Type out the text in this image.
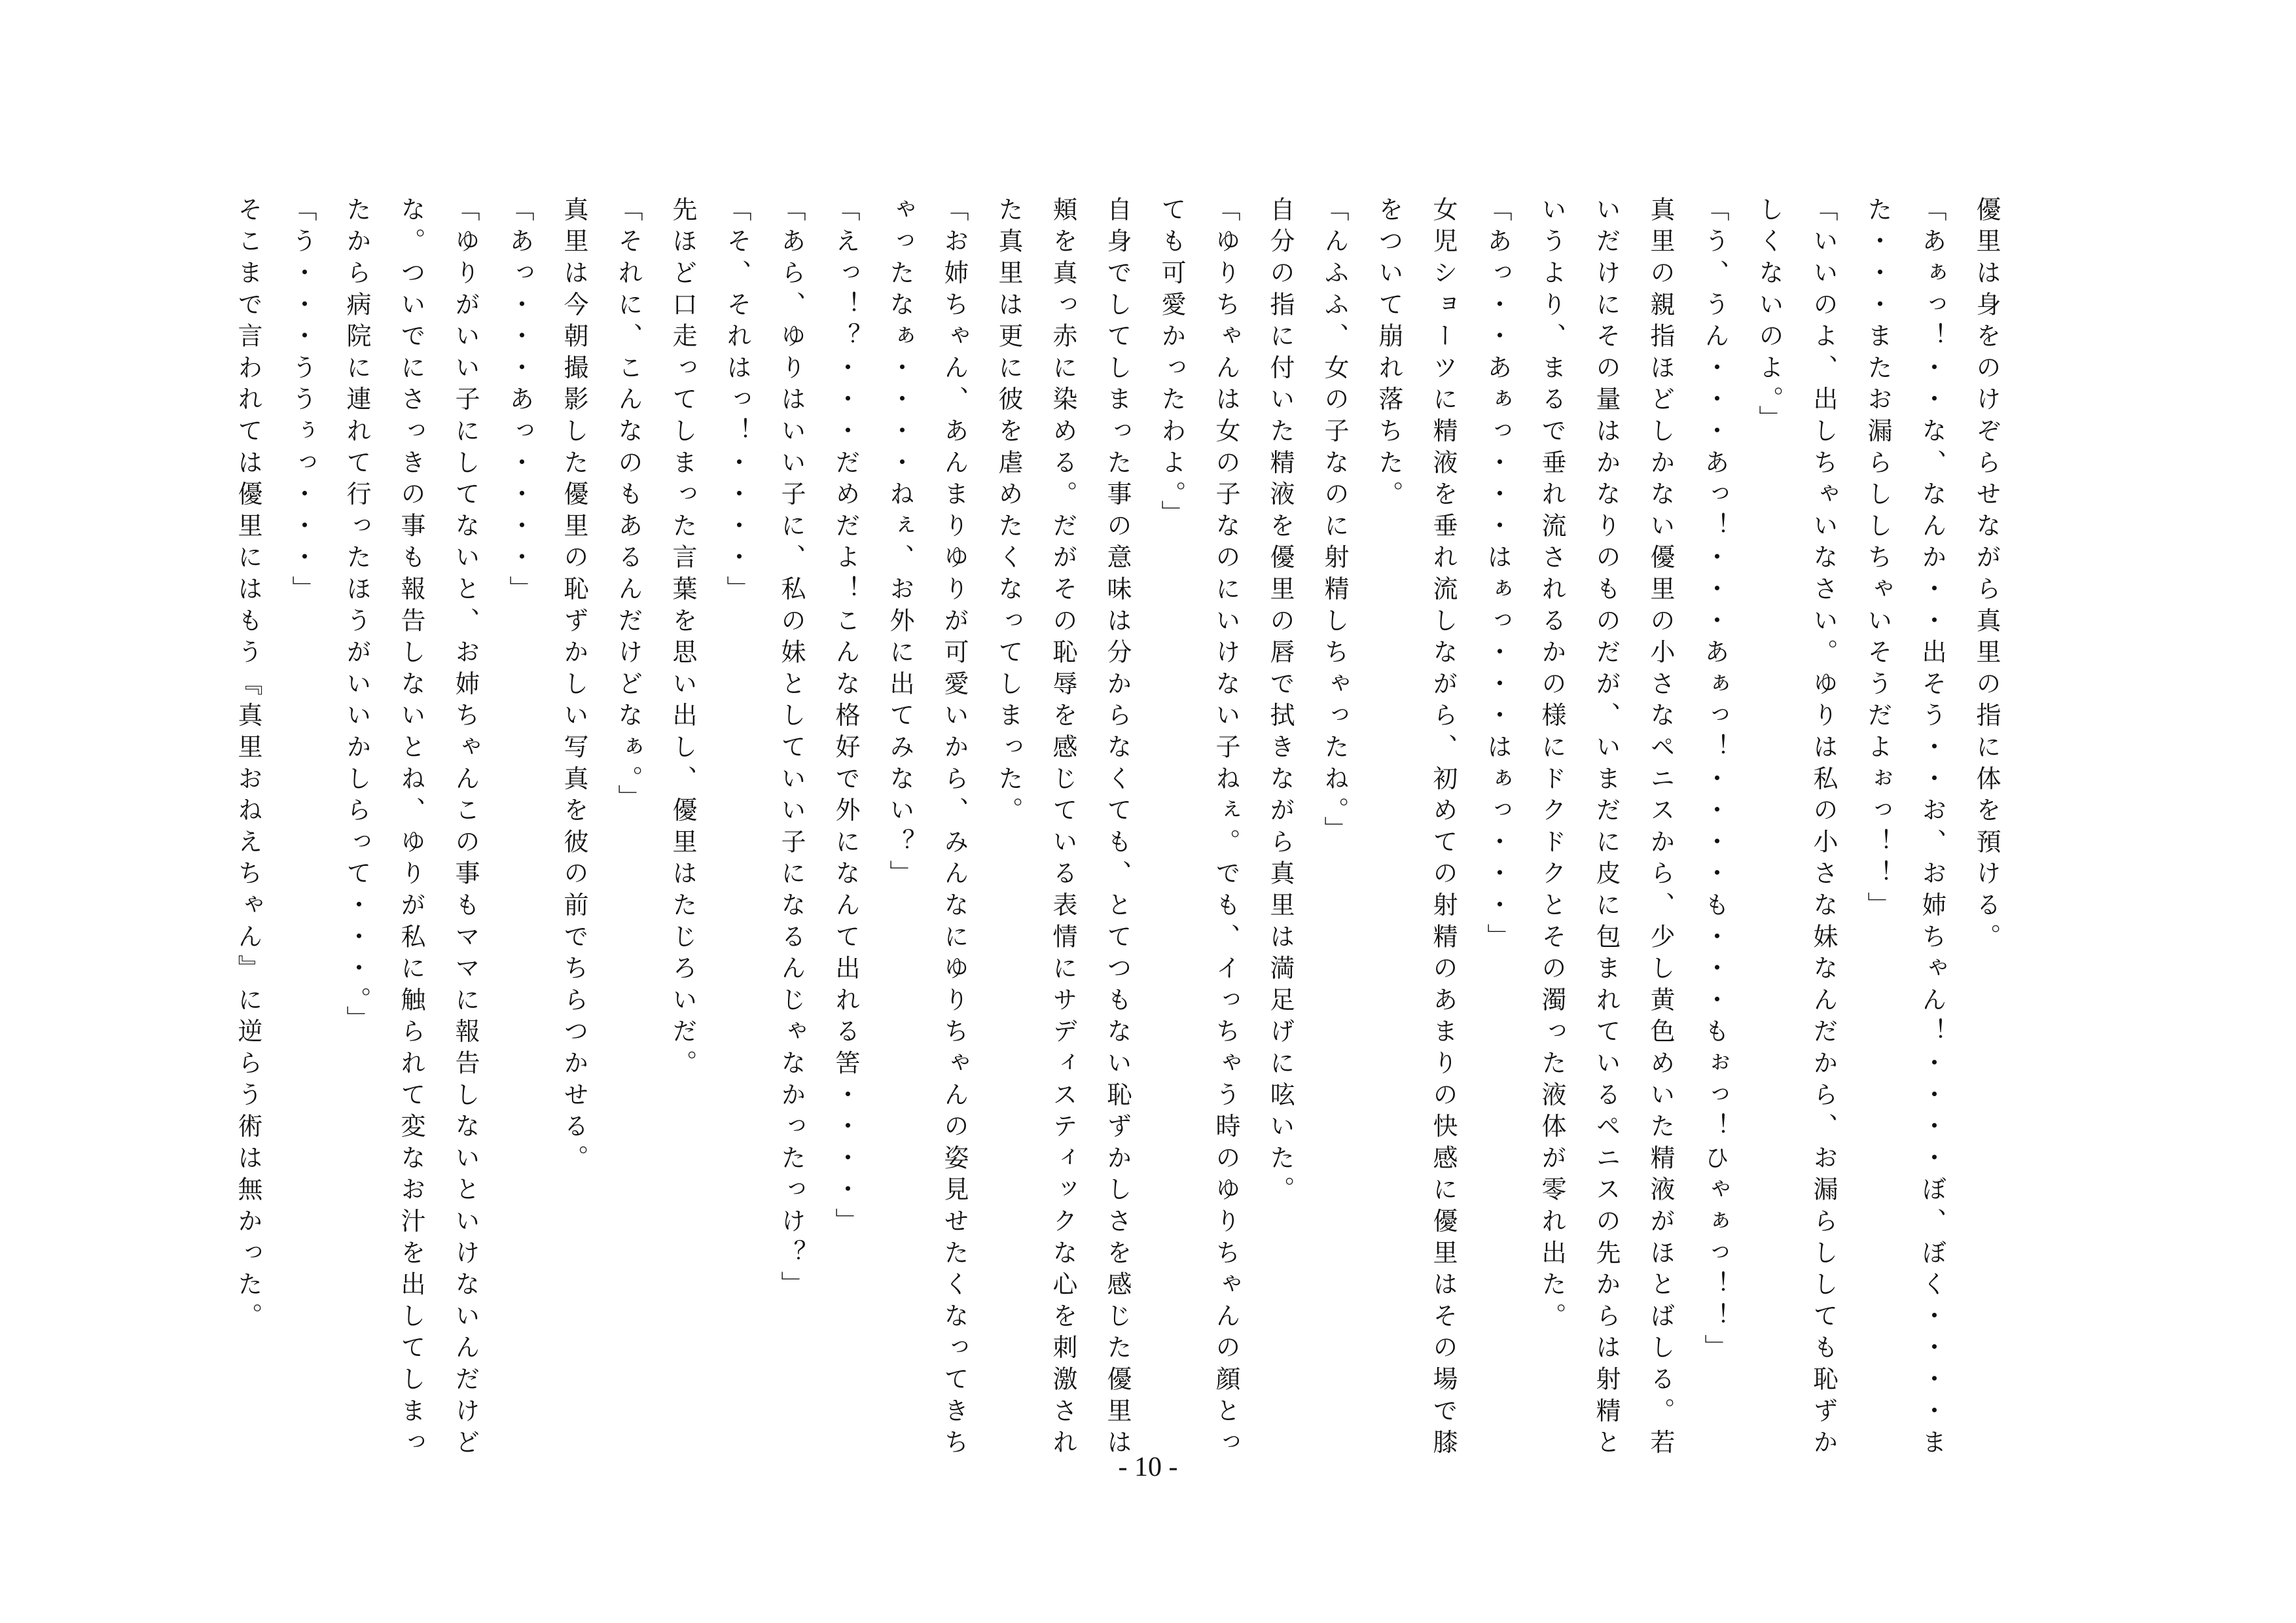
優里は身をのけぞらせながら真里の指に体を預ける。

「あぁっ！・・な、なんか・・出そう・・お、お姉ちゃん！・・・・ぼ、ぼく・・・・また・・・またお漏らししちゃいそうだよぉっ！！」

「いいのよ、出しちゃいなさい。ゆりは私の小さな妹なんだから、お漏らししても恥ずかしくないのよ。」

「う、うん・・・あっ！・・・あぁっ！・・・・も・・・もぉっ！ひゃぁっ！！」

真里の親指ほどしかない優里の小さなペニスから、少し黄色めいた精液がほとばしる。若いだけにその量はかなりのものだが、いまだに皮に包まれているペニスの先からは射精というより、まるで垂れ流されるかの様にドクドクとその濁った液体が零れ出た。

「あっ・・あぁっ・・・はぁっ・・・はぁっ・・・」

女児ショーツに精液を垂れ流しながら、初めての射精のあまりの快感に優里はその場で膝をついて崩れ落ちた。

「んふふ、女の子なのに射精しちゃったね。」

自分の指に付いた精液を優里の唇で拭きながら真里は満足げに呟いた。

「ゆりちゃんは女の子なのにいけない子ねぇ。でも、イっちゃう時のゆりちゃんの顔とっても可愛かったわよ。」

自身でしてしまった事の意味は分からなくても、とてつもない恥ずかしさを感じた優里は頬を真っ赤に染める。だがその恥辱を感じている表情にサディスティックな心を刺激された真里は更に彼を虐めたくなってしまった。

「お姉ちゃん、あんまりゆりが可愛いから、みんなにゆりちゃんの姿見せたくなってきちゃったなぁ・・・・ねぇ、お外に出てみない？」

「えっ！？・・・だめだよ！こんな格好で外になんて出れる筈・・・・」

「あら、ゆりはいい子に、私の妹としていい子になるんじゃなかったっけ？」

「そ、それはっ！・・・・」

先ほど口走ってしまった言葉を思い出し、優里はたじろいだ。

「それに、こんなのもあるんだけどなぁ。」

真里は今朝撮影した優里の恥ずかしい写真を彼の前でちらつかせる。

「あっ・・・あっ・・・・」

「ゆりがいい子にしてないと、お姉ちゃんこの事もママに報告しないといけないんだけどな。ついでにさっきの事も報告しないとね、ゆりが私に触られて変なお汁を出してしまったから病院に連れて行ったほうがいいかしらって・・・。」

「う・・・ううぅっ・・・」

そこまで言われては優里にはもう『真里おねえちゃん』に逆らう術は無かった。

- 10 -
